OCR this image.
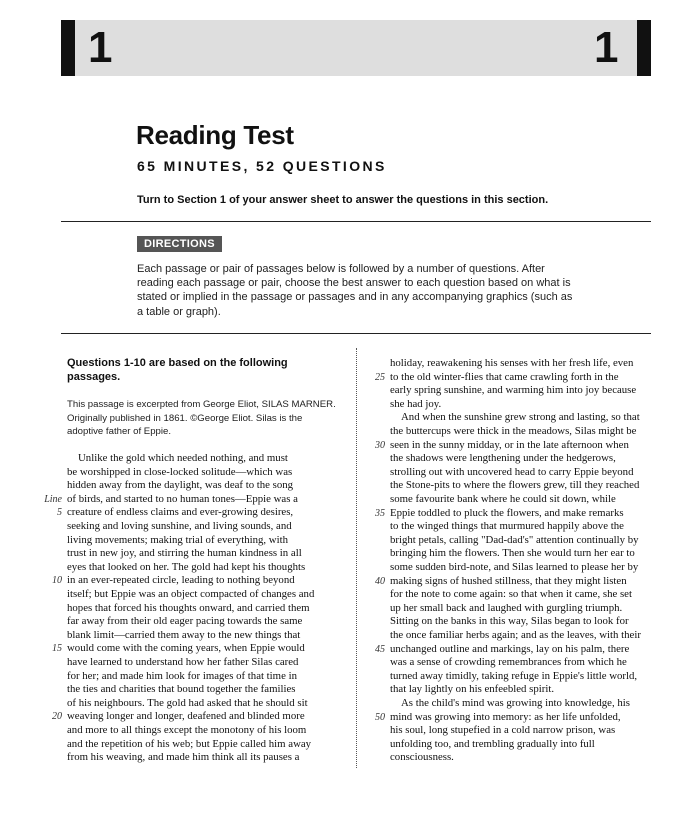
1	1
Reading Test
65 MINUTES, 52 QUESTIONS
Turn to Section 1 of your answer sheet to answer the questions in this section.
DIRECTIONS
Each passage or pair of passages below is followed by a number of questions. After reading each passage or pair, choose the best answer to each question based on what is stated or implied in the passage or passages and in any accompanying graphics (such as a table or graph).

Questions 1-10 are based on the following passages.

This passage is excerpted from George Eliot, SILAS MARNER. Originally published in 1861. ©George Eliot. Silas is the adoptive father of Eppie.
Unlike the gold which needed nothing, and must
be worshipped in close-locked solitude—which was
hidden away from the daylight, was deaf to the song
of birds, and started to no human tones—Eppie was a
creature of endless claims and ever-growing desires,
seeking and loving sunshine, and living sounds, and
living movements; making trial of everything, with
trust in new joy, and stirring the human kindness in all
eyes that looked on her. The gold had kept his thoughts
in an ever-repeated circle, leading to nothing beyond
itself; but Eppie was an object compacted of changes and
hopes that forced his thoughts onward, and carried them
far away from their old eager pacing towards the same
blank limit—carried them away to the new things that
would come with the coming years, when Eppie would
have learned to understand how her father Silas cared
for her; and made him look for images of that time in
the ties and charities that bound together the families
of his neighbours. The gold had asked that he should sit
weaving longer and longer, deafened and blinded more
and more to all things except the monotony of his loom
and the repetition of his web; but Eppie called him away
from his weaving, and made him think all its pauses a
5
10
15
20
Line
holiday, reawakening his senses with her fresh life, even
to the old winter-flies that came crawling forth in the
early spring sunshine, and warming him into joy because
she had joy.
And when the sunshine grew strong and lasting, so that
the buttercups were thick in the meadows, Silas might be
seen in the sunny midday, or in the late afternoon when
the shadows were lengthening under the hedgerows,
strolling out with uncovered head to carry Eppie beyond
the Stone-pits to where the flowers grew, till they reached
some favourite bank where he could sit down, while
Eppie toddled to pluck the flowers, and make remarks
to the winged things that murmured happily above the
bright petals, calling "Dad-dad's" attention continually by
bringing him the flowers. Then she would turn her ear to
some sudden bird-note, and Silas learned to please her by
making signs of hushed stillness, that they might listen
for the note to come again: so that when it came, she set
up her small back and laughed with gurgling triumph.
Sitting on the banks in this way, Silas began to look for
the once familiar herbs again; and as the leaves, with their
unchanged outline and markings, lay on his palm, there
was a sense of crowding remembrances from which he
turned away timidly, taking refuge in Eppie's little world,
that lay lightly on his enfeebled spirit.
As the child's mind was growing into knowledge, his
mind was growing into memory: as her life unfolded,
his soul, long stupefied in a cold narrow prison, was
unfolding too, and trembling gradually into full
consciousness.
25
30
35
40
45
50
